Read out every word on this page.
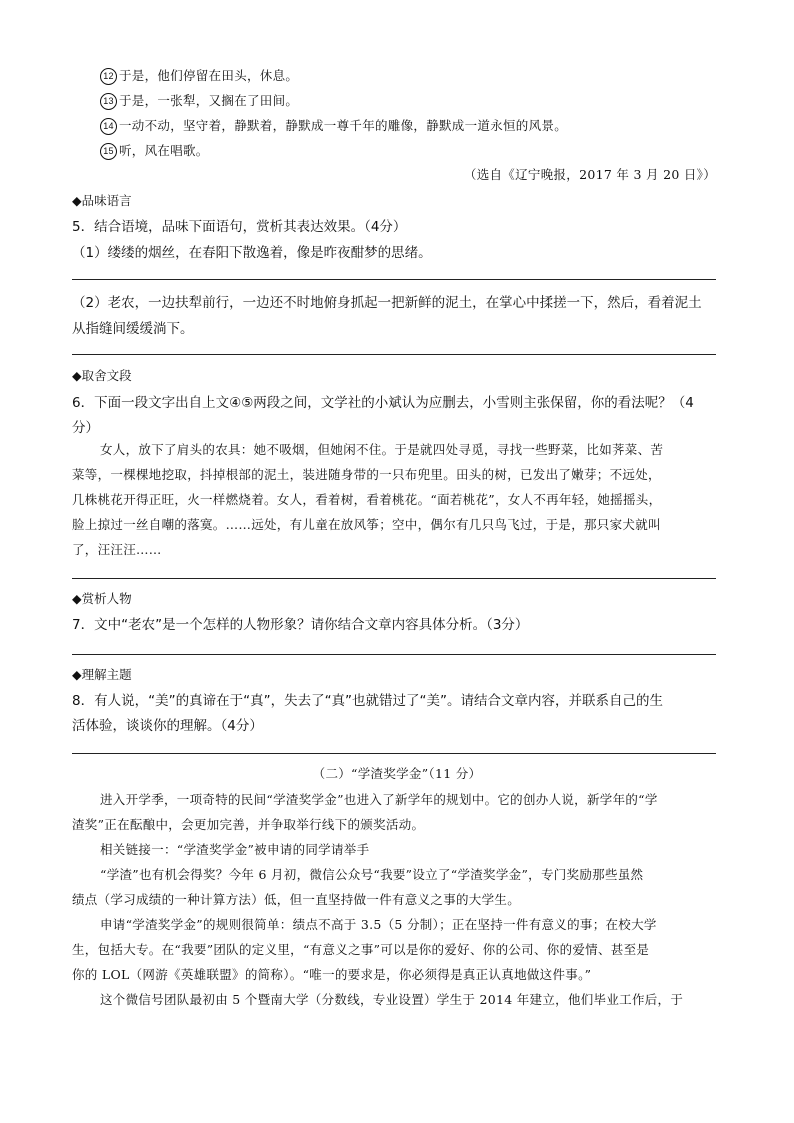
12 于是，他们停留在田头，休息。
13 于是，一张犁，又搁在了田间。
14 一动不动，坚守着，静默着，静默成一尊千年的雕像，静默成一道永恒的风景。
15 听，风在唱歌。
（选自《辽宁晚报，2017 年 3 月 20 日》）
◆品味语言
5．结合语境，品味下面语句，赏析其表达效果。（4分）
（1）缕缕的烟丝，在春阳下散逸着，像是昨夜酣梦的思绪。
（2）老农，一边扶犁前行，一边还不时地俯身抓起一把新鲜的泥土，在掌心中揉搓一下，然后，看着泥土
从指缝间缓缓淌下。
◆取舍文段
6．下面一段文字出自上文④⑤两段之间，文学社的小斌认为应删去，小雪则主张保留，你的看法呢？（4
分）
女人，放下了肩头的农具：她不吸烟，但她闲不住。于是就四处寻觅，寻找一些野菜，比如荠菜、苦
菜等，一棵棵地挖取，抖掉根部的泥土，装进随身带的一只布兜里。田头的树，已发出了嫩芽；不远处，
几株桃花开得正旺，火一样燃烧着。女人，看着树，看着桃花。“面若桃花”，女人不再年轻，她摇摇头，
脸上掠过一丝自嘲的落寞。……远处，有儿童在放风筝；空中，偶尔有几只鸟飞过，于是，那只家犬就叫
了，汪汪汪……
◆赏析人物
7．文中“老农”是一个怎样的人物形象？请你结合文章内容具体分析。（3分）
◆理解主题
8．有人说，“美”的真谛在于“真”，失去了“真”也就错过了“美”。请结合文章内容，并联系自己的生
活体验，谈谈你的理解。（4分）
（二）“学渣奖学金”（11 分）
进入开学季，一项奇特的民间“学渣奖学金”也进入了新学年的规划中。它的创办人说，新学年的“学
渣奖”正在酝酿中，会更加完善，并争取举行线下的颁奖活动。
相关链接一：“学渣奖学金”被申请的同学请举手
“学渣”也有机会得奖？今年 6 月初，微信公众号“我要”设立了“学渣奖学金”，专门奖励那些虽然
绩点（学习成绩的一种计算方法）低，但一直坚持做一件有意义之事的大学生。
申请“学渣奖学金”的规则很简单：绩点不高于 3.5（5 分制）；正在坚持一件有意义的事；在校大学
生，包括大专。在“我要”团队的定义里，“有意义之事”可以是你的爱好、你的公司、你的爱情、甚至是
你的 LOL（网游《英雄联盟》的简称）。“唯一的要求是，你必须得是真正认真地做这件事。”
这个微信号团队最初由 5 个暨南大学（分数线，专业设置）学生于 2014 年建立，他们毕业工作后，于
